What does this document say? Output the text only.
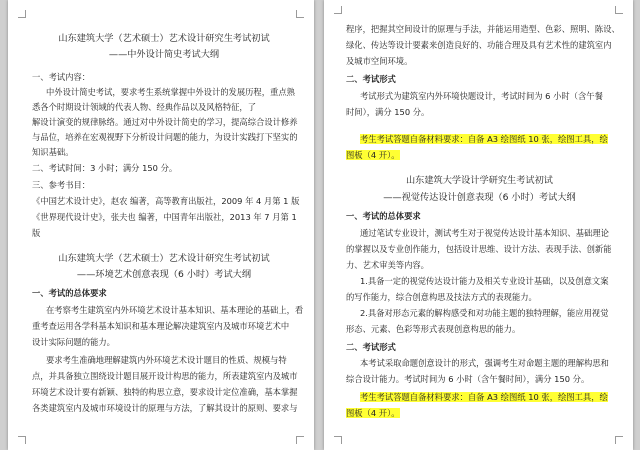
山东建筑大学（艺术硕士）艺术设计研究生考试初试
——中外设计简史考试大纲
一、考试内容：
中外设计简史考试，要求考生系统掌握中外设计的发展历程，重点熟
悉各个时期设计领域的代表人物、经典作品以及风格特征，了
解设计演变的规律脉络。通过对中外设计简史的学习，提高综合设计修养
与品位，培养在宏观视野下分析设计问题的能力，为设计实践打下坚实的
知识基础。
二、考试时间：3 小时；满分 150 分。
三、参考书目：
《中国艺术设计史》，赵农 编著，高等教育出版社，2009 年 4 月第 1 版
《世界现代设计史》，张夫也 编著，中国青年出版社，2013 年 7 月第 1
版
山东建筑大学（艺术硕士）艺术设计研究生考试初试
——环境艺术创意表现（6 小时）考试大纲
一、考试的总体要求
在考察考生建筑室内外环境艺术设计基本知识、基本理论的基础上，看
重考查运用各学科基本知识和基本理论解决建筑室内及城市环境艺术中
设计实际问题的能力。
要求考生准确地理解建筑内外环境艺术设计题目的性质、规模与特
点，并具备独立围绕设计题目展开设计构思的能力，所表建筑室内及城市
环境艺术设计要有新颖、独特的构思立意，要求设计定位准确，基本掌握
各类建筑室内及城市环境设计的原理与方法，了解其设计的原则、要求与
程序，把握其空间设计的原理与手法，并能运用造型、色彩、照明、陈设、
绿化、传达等设计要素来创造良好的、功能合理及具有艺术性的建筑室内
及城市空间环境。
二、考试形式
考试形式为建筑室内外环境快题设计，考试时间为 6 小时（含午餐
时间），满分 150 分。
考生考试答题自备材料要求：自备 A3 绘图纸 10 张，绘图工具，绘
图板（4 开）。
山东建筑大学设计学研究生考试初试
——视觉传达设计创意表现（6 小时）考试大纲
一、考试的总体要求
通过笔试专业设计，测试考生对于视觉传达设计基本知识、基础理论
的掌握以及专业创作能力，包括设计思维、设计方法、表现手法、创新能
力、艺术审美等内容。
1.具备一定的视觉传达设计能力及相关专业设计基础，以及创意文案
的写作能力，综合创意构思及技法方式的表现能力。
2.具备对形态元素的解构感受和对功能主题的独特理解，能应用视觉
形态、元素、色彩等形式表现创意构思的能力。
二、考试形式
本考试采取命题创意设计的形式，强调考生对命题主题的理解构思和
综合设计能力。考试时间为 6 小时（含午餐时间），满分 150 分。
考生考试答题自备材料要求：自备 A3 绘图纸 10 张，绘图工具，绘
图板（4 开）。
